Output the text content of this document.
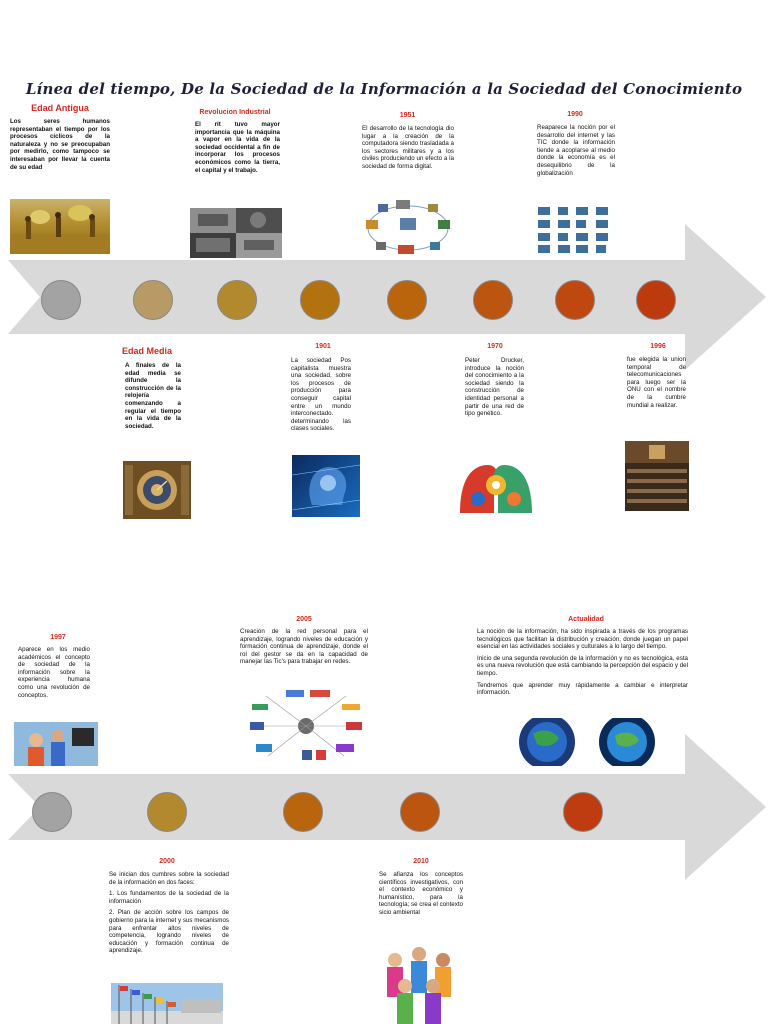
Línea del tiempo, De la Sociedad de la Información a la Sociedad del Conocimiento
Edad Antigua
Los seres humanos representaban el tiempo por los procesos cíclicos de la naturaleza y no se preocupaban por medirlo, como tampoco se interesaban por llevar la cuenta de su edad
Revolucion Industrial
El rit tuvo mayor importancia que la máquina a vapor en la vida de la sociedad occidental a fin de incorporar los procesos económicos como la tierra, el capital y el trabajo.
1951
El desarrollo de la tecnología dio lugar a la creación de la computadora siendo trasladada a los sectores militares y a los civiles produciendo un efecto a la sociedad de forma digital.
1990
Reaparece la noción por el desarrollo del internet y las TIC donde la información tiende a acoplarse al medio donde la economía es el desequilibrio de la globalización
Edad Media
A finales de la edad media se difunde la construcción de la relojería comenzando a regular el tiempo en la vida de la sociedad.
1901
La sociedad Pos capitalista muestra una sociedad, sobre los procesos de producción para conseguir capital entre un mundo interconectado. determinando las clases sociales.
1970
Peter Drucker, introduce la noción del conocimiento a la sociedad siendo la construcción de identidad personal a partir de una red de tipo genético.
1996
fue elegida la union temporal de telecomunicaciones para luego ser la ONU con el nombre de la cumbre mundial a realizar.
1997
Aparece en los medio académicos el concepto de sociedad de la información sobre la experiencia humana como una revolución de conceptos.
2005
Creación de la red personal para el aprendizaje, logrando niveles de educación y formación continua de aprendizaje, donde el rol del gestor se da en la capacidad de manejar las Tic's para trabajar en redes.
Actualidad

La noción de la información, ha sido inspirada a través de los programas tecnológicos que facilitan la distribución y creación, donde juegan un papel esencial en las actividades sociales y culturales a lo largo del tiempo.

Inicio de una segunda revolución de la información y no es tecnológica, esta es una nueva revolución que está cambiando la percepción del espacio y del tiempo.

Tendremos que aprender muy rápidamente a cambiar e interpretar información.

2000

Se inician dos cumbres sobre la sociedad de la información en dos faces:

1. Los fundamentos de la sociedad de la información

2. Plan de acción sobre los campos de gobierno para la internet y sus mecanismos para enfrentar altos niveles de competencia, logrando niveles de educación y formación continua de aprendizaje.

2010
Se afianza los conceptos científicos investigativos, con el contexto económico y humanístico, para la tecnología; se crea el contexto sicio ambiental
